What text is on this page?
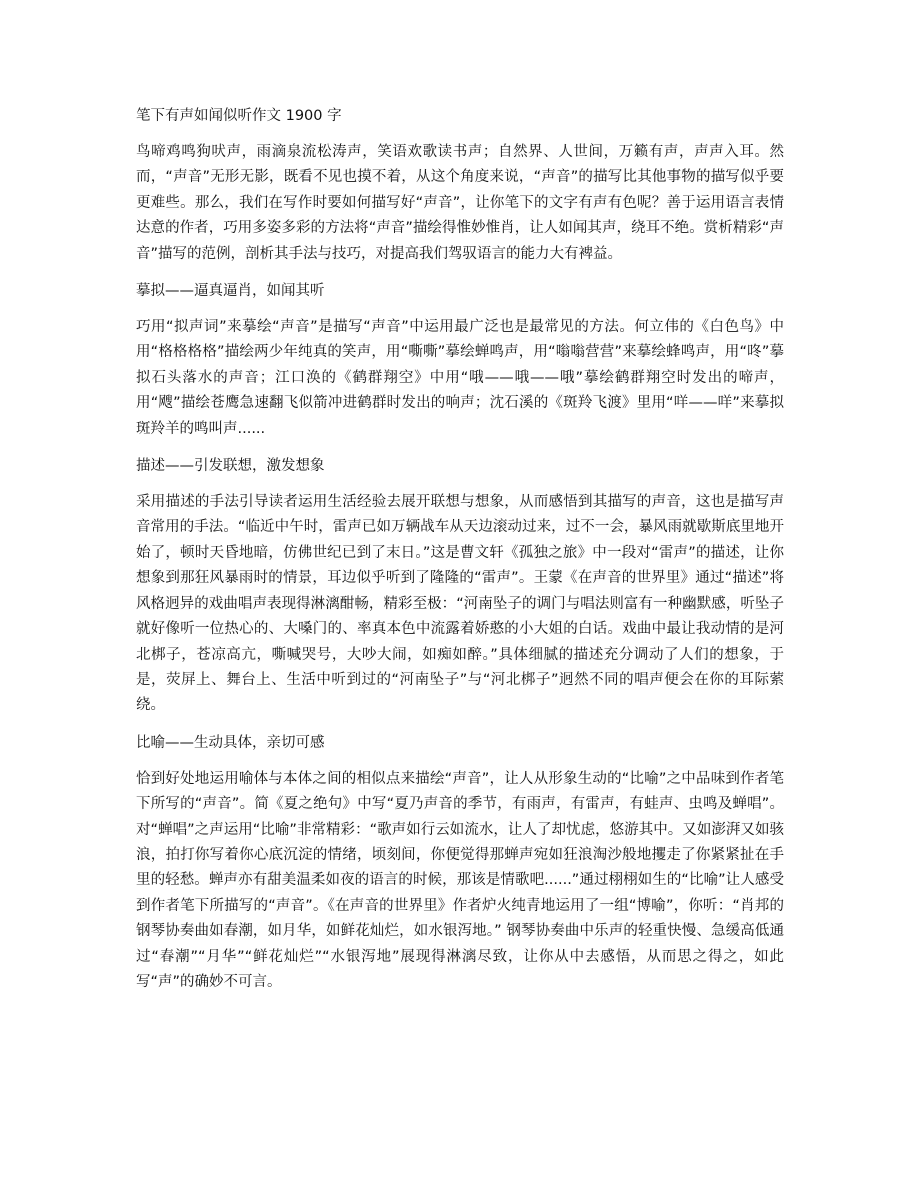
笔下有声如闻似听作文 1900 字

鸟啼鸡鸣狗吠声，雨滴泉流松涛声，笑语欢歌读书声；自然界、人世间，万籁有声，声声入耳。然而，“声音”无形无影，既看不见也摸不着，从这个角度来说，“声音”的描写比其他事物的描写似乎要更难些。那么，我们在写作时要如何描写好“声音”，让你笔下的文字有声有色呢？善于运用语言表情达意的作者，巧用多姿多彩的方法将“声音”描绘得惟妙惟肖，让人如闻其声，绕耳不绝。赏析精彩“声音”描写的范例，剖析其手法与技巧，对提高我们驾驭语言的能力大有裨益。

摹拟——逼真逼肖，如闻其听

巧用“拟声词”来摹绘“声音”是描写“声音”中运用最广泛也是最常见的方法。何立伟的《白色鸟》中用“格格格格”描绘两少年纯真的笑声，用“嘶嘶”摹绘蝉鸣声，用“嗡嗡营营”来摹绘蜂鸣声，用“咚”摹拟石头落水的声音；江口涣的《鹤群翔空》中用“哦——哦——哦”摹绘鹤群翔空时发出的啼声，用“飕”描绘苍鹰急速翻飞似箭冲进鹤群时发出的响声；沈石溪的《斑羚飞渡》里用“咩——咩”来摹拟斑羚羊的鸣叫声......

描述——引发联想，激发想象

采用描述的手法引导读者运用生活经验去展开联想与想象，从而感悟到其描写的声音，这也是描写声音常用的手法。“临近中午时，雷声已如万辆战车从天边滚动过来，过不一会，暴风雨就歇斯底里地开始了，顿时天昏地暗，仿佛世纪已到了末日。”这是曹文轩《孤独之旅》中一段对“雷声”的描述，让你想象到那狂风暴雨时的情景，耳边似乎听到了隆隆的“雷声”。王蒙《在声音的世界里》通过“描述”将风格迥异的戏曲唱声表现得淋漓酣畅，精彩至极：“河南坠子的调门与唱法则富有一种幽默感，听坠子就好像听一位热心的、大嗓门的、率真本色中流露着娇憨的小大姐的白话。戏曲中最让我动情的是河北梆子，苍凉高亢，嘶喊哭号，大吵大闹，如痴如醉。”具体细腻的描述充分调动了人们的想象，于是，荧屏上、舞台上、生活中听到过的“河南坠子”与“河北梆子”迥然不同的唱声便会在你的耳际萦绕。

比喻——生动具体，亲切可感

恰到好处地运用喻体与本体之间的相似点来描绘“声音”，让人从形象生动的“比喻”之中品味到作者笔下所写的“声音”。简《夏之绝句》中写“夏乃声音的季节，有雨声，有雷声，有蛙声、虫鸣及蝉唱”。对“蝉唱”之声运用“比喻”非常精彩：“歌声如行云如流水，让人了却忧虑，悠游其中。又如澎湃又如骇浪，拍打你写着你心底沉淀的情绪，顷刻间，你便觉得那蝉声宛如狂浪淘沙般地攫走了你紧紧扯在手里的轻愁。蝉声亦有甜美温柔如夜的语言的时候，那该是情歌吧......”通过栩栩如生的“比喻”让人感受到作者笔下所描写的“声音”。《在声音的世界里》作者炉火纯青地运用了一组“博喻”，你听：“肖邦的钢琴协奏曲如春潮，如月华，如鲜花灿烂，如水银泻地。” 钢琴协奏曲中乐声的轻重快慢、急缓高低通过“春潮”“月华”“鲜花灿烂”“水银泻地”展现得淋漓尽致，让你从中去感悟，从而思之得之，如此写“声”的确妙不可言。
